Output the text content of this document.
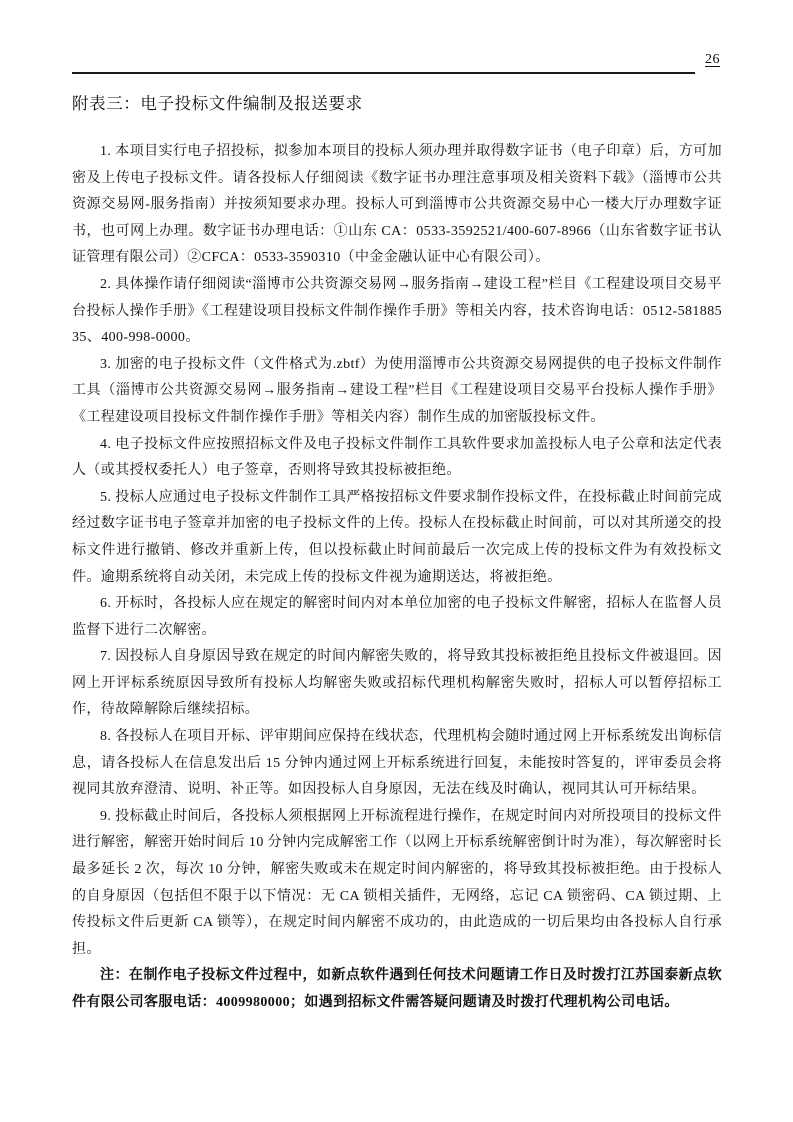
26
附表三：电子投标文件编制及报送要求

1. 本项目实行电子招投标，拟参加本项目的投标人须办理并取得数字证书（电子印章）后，方可加密及上传电子投标文件。请各投标人仔细阅读《数字证书办理注意事项及相关资料下载》（淄博市公共资源交易网-服务指南）并按须知要求办理。投标人可到淄博市公共资源交易中心一楼大厅办理数字证书，也可网上办理。数字证书办理电话：①山东 CA：0533-3592521/400-607-8966（山东省数字证书认证管理有限公司）②CFCA：0533-3590310（中金金融认证中心有限公司）。

2. 具体操作请仔细阅读“淄博市公共资源交易网→服务指南→建设工程”栏目《工程建设项目交易平台投标人操作手册》《工程建设项目投标文件制作操作手册》等相关内容，技术咨询电话：0512-58188535、400-998-0000。

3. 加密的电子投标文件（文件格式为.zbtf）为使用淄博市公共资源交易网提供的电子投标文件制作工具（淄博市公共资源交易网→服务指南→建设工程”栏目《工程建设项目交易平台投标人操作手册》《工程建设项目投标文件制作操作手册》等相关内容）制作生成的加密版投标文件。

4. 电子投标文件应按照招标文件及电子投标文件制作工具软件要求加盖投标人电子公章和法定代表人（或其授权委托人）电子签章，否则将导致其投标被拒绝。

5. 投标人应通过电子投标文件制作工具严格按招标文件要求制作投标文件，在投标截止时间前完成经过数字证书电子签章并加密的电子投标文件的上传。投标人在投标截止时间前，可以对其所递交的投标文件进行撤销、修改并重新上传，但以投标截止时间前最后一次完成上传的投标文件为有效投标文件。逾期系统将自动关闭，未完成上传的投标文件视为逾期送达，将被拒绝。

6. 开标时，各投标人应在规定的解密时间内对本单位加密的电子投标文件解密，招标人在监督人员监督下进行二次解密。

7. 因投标人自身原因导致在规定的时间内解密失败的，将导致其投标被拒绝且投标文件被退回。因网上开评标系统原因导致所有投标人均解密失败或招标代理机构解密失败时，招标人可以暂停招标工作，待故障解除后继续招标。

8. 各投标人在项目开标、评审期间应保持在线状态，代理机构会随时通过网上开标系统发出询标信息，请各投标人在信息发出后 15 分钟内通过网上开标系统进行回复，未能按时答复的，评审委员会将视同其放弃澄清、说明、补正等。如因投标人自身原因，无法在线及时确认，视同其认可开标结果。

9. 投标截止时间后，各投标人须根据网上开标流程进行操作，在规定时间内对所投项目的投标文件进行解密，解密开始时间后 10 分钟内完成解密工作（以网上开标系统解密倒计时为准），每次解密时长最多延长 2 次，每次 10 分钟，解密失败或未在规定时间内解密的，将导致其投标被拒绝。由于投标人的自身原因（包括但不限于以下情况：无 CA 锁相关插件，无网络，忘记 CA 锁密码、CA 锁过期、上传投标文件后更新 CA 锁等），在规定时间内解密不成功的，由此造成的一切后果均由各投标人自行承担。

注：在制作电子投标文件过程中，如新点软件遇到任何技术问题请工作日及时拨打江苏国泰新点软件有限公司客服电话：4009980000；如遇到招标文件需答疑问题请及时拨打代理机构公司电话。
